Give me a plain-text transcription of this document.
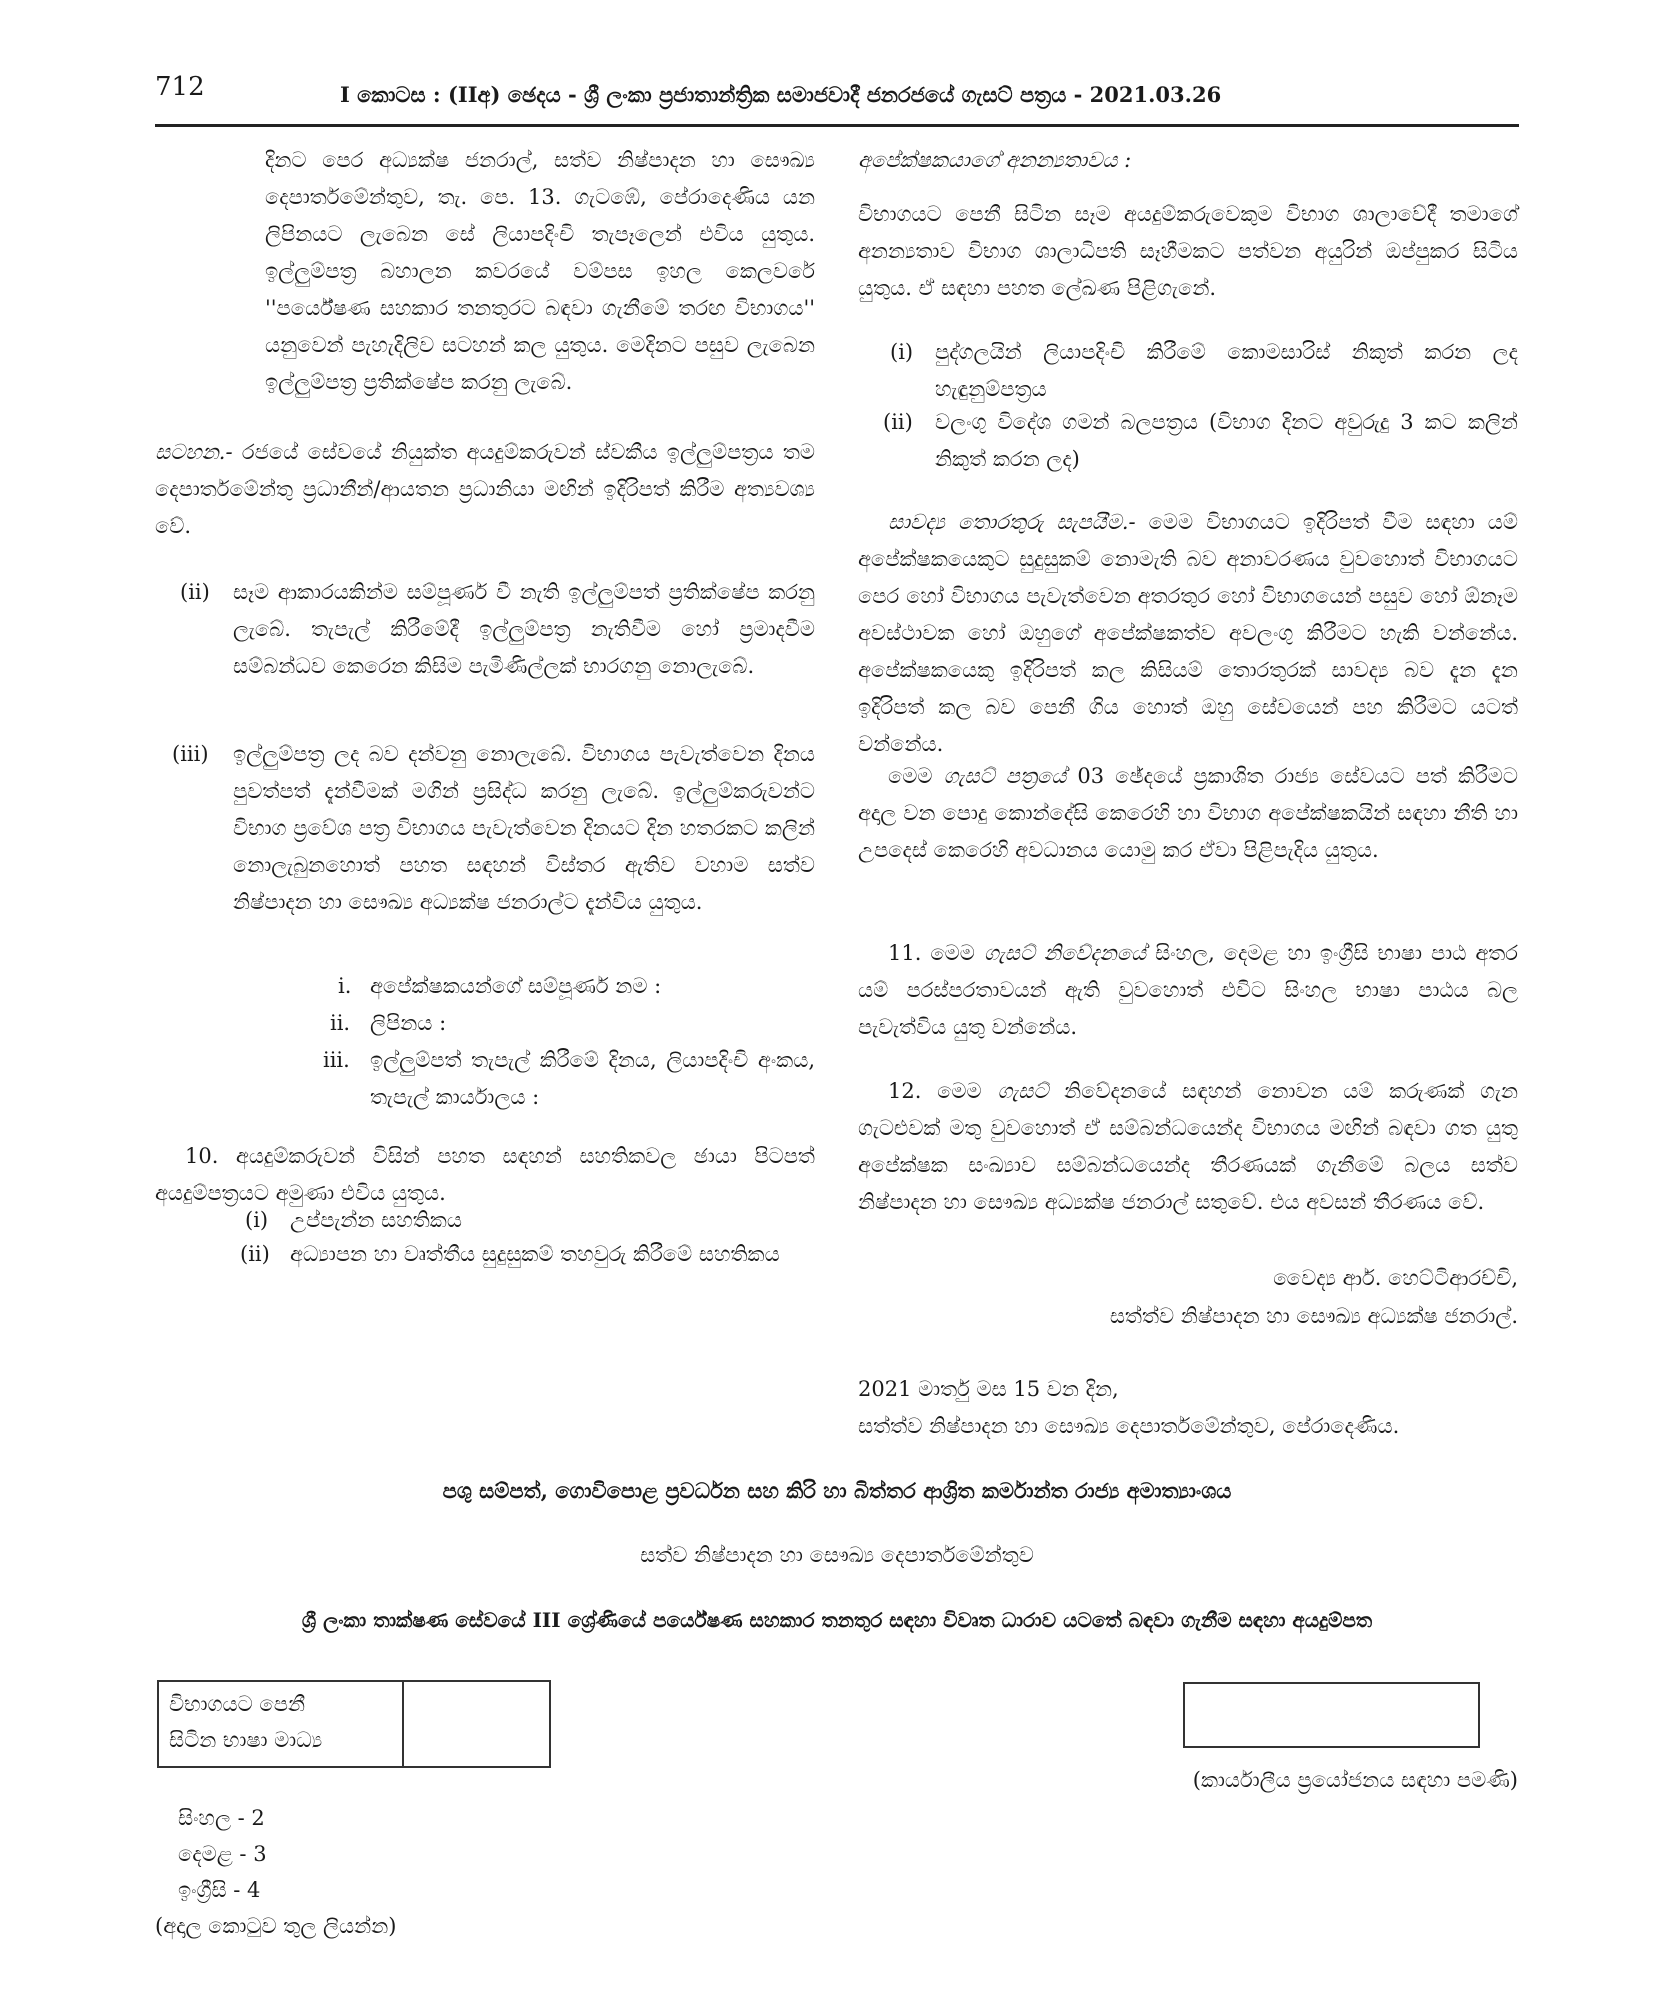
712	I කොටස : (IIඅ) ඡෙදය - ශ්‍රී ලංකා ප්‍රජාතාන්ත්‍රික සමාජවාදී ජනරජයේ ගැසට් පත්‍රය - 2021.03.26

දිනට පෙර අධ්‍යක්ෂ ජනරාල්, සත්ව නිෂ්පාදන හා සෞඛ්‍ය දෙපාර්තමේන්තුව, තැ. පෙ. 13. ගැටඹේ, පේරාදෙණිය යන ලිපිනයට ලැබෙන සේ ලියාපදිංචි තැපෑලෙන් එවිය යුතුය. ඉල්ලුම්පත්‍ර බහාලන කවරයේ වම්පස ඉහල කෙලවරේ ''පර්යේෂණ සහකාර තනතුරට බඳවා ගැනීමේ තරඟ විභාගය'' යනුවෙන් පැහැදිලිව සටහන් කල යුතුය. මෙදිනට පසුව ලැබෙන ඉල්ලුම්පත්‍ර ප්‍රතික්ෂේප කරනු ලැබේ.

සටහන.- රජයේ සේවයේ නියුක්ත අයදුම්කරුවන් ස්වකීය ඉල්ලුම්පත්‍රය තම දෙපාර්තමේන්තු ප්‍රධානීන්/ආයතන ප්‍රධානියා මඟින් ඉදිරිපත් කිරීම අත්‍යවශ්‍ය වේ.

(ii) සෑම ආකාරයකින්ම සම්පූර්ණ වී නැති ඉල්ලුම්පත් ප්‍රතික්ෂේප කරනු ලැබේ. තැපැල් කිරීමේදී ඉල්ලුම්පත්‍ර නැතිවීම හෝ ප්‍රමාදවීම සම්බන්ධව කෙරෙන කිසිම පැමිණිල්ලක් භාරගනු නොලැබේ.

(iii) ඉල්ලුම්පත්‍ර ලද බව දන්වනු නොලැබේ. විභාගය පැවැත්වෙන දිනය පුවත්පත් දැන්වීමක් මගින් ප්‍රසිද්ධ කරනු ලැබේ. ඉල්ලුම්කරුවන්ට විභාග ප්‍රවේශ පත්‍ර විභාගය පැවැත්වෙන දිනයට දින හතරකට කලින් නොලැබුනහොත් පහත සඳහන් විස්තර ඇතිව වහාම සත්ව නිෂ්පාදන හා සෞඛ්‍ය අධ්‍යක්ෂ ජනරාල්ට දැන්විය යුතුය.

i. අපේක්ෂකයන්ගේ සම්පූර්ණ නම :
ii. ලිපිනය :
iii. ඉල්ලුම්පත් තැපැල් කිරීමේ දිනය, ලියාපදිංචි අංකය, තැපැල් කාර්යාලය :

10. අයදුම්කරුවන් විසින් පහත සඳහන් සහතිකවල ඡායා පිටපත් අයදුම්පත්‍රයට අමුණා එවිය යුතුය.

(i) උප්පැන්න සහතිකය
(ii) අධ්‍යාපන හා වෘත්තීය සුදුසුකම් තහවුරු කිරීමේ සහතිකය
අපේක්ෂකයාගේ අනන්‍යතාවය :

විභාගයට පෙනී සිටින සෑම අයදුම්කරුවෙකුම විභාග ශාලාවේදී තමාගේ අනන්‍යතාව විභාග ශාලාධිපති සෑහීමකට පත්වන අයුරින් ඔප්පුකර සිටිය යුතුය. ඒ සඳහා පහත ලේඛණ පිළිගැනේ.

(i) පුද්ගලයින් ලියාපදිංචි කිරීමේ කොමසාරිස් නිකුත් කරන ලද හැඳුනුම්පත්‍රය
(ii) වලංගු විදේශ ගමන් බලපත්‍රය (විභාග දිනට අවුරුදු 3 කට කලින් නිකුත් කරන ලද)

සාවද්‍ය තොරතුරු සැපයීම.- මෙම විභාගයට ඉදිරිපත් වීම සඳහා යම් අපේක්ෂකයෙකුට සුදුසුකම් නොමැති බව අනාවරණය වුවහොත් විභාගයට පෙර හෝ විභාගය පැවැත්වෙන අතරතුර හෝ විභාගයෙන් පසුව හෝ ඕනෑම අවස්ථාවක හෝ ඔහුගේ අපේක්ෂකත්ව අවලංගු කිරීමට හැකි වන්නේය. අපේක්ෂකයෙකු ඉදිරිපත් කල කිසියම් තොරතුරක් සාවද්‍ය බව දැන දැන ඉදිරිපත් කල බව පෙනී ගිය හොත් ඔහු සේවයෙන් පහ කිරීමට යටත් වන්නේය.

මෙම ගැසට් පත්‍රයේ 03 ඡේදයේ ප්‍රකාශිත රාජ්‍ය සේවයට පත් කිරීමට අදාල වන පොදු කොන්දේසි කෙරෙහි හා විභාග අපේක්ෂකයින් සඳහා නීති හා උපදෙස් කෙරෙහි අවධානය යොමු කර ඒවා පිළිපැදිය යුතුය.

11. මෙම ගැසට් නිවේදනයේ සිංහල, දෙමළ හා ඉංග්‍රීසි භාෂා පාඨ අතර යම් පරස්පරතාවයන් ඇති වුවහොත් එවිට සිංහල භාෂා පාඨය බල පැවැත්විය යුතු වන්නේය.

12. මෙම ගැසට් නිවේදනයේ සඳහන් නොවන යම් කරුණක් ගැන ගැටළුවක් මතු වුවහොත් ඒ සම්බන්ධයෙන්ද විභාගය මඟින් බඳවා ගත යුතු අපේක්ෂක සංඛ්‍යාව සම්බන්ධයෙන්ද තීරණයක් ගැනීමේ බලය සත්ව නිෂ්පාදන හා සෞඛ්‍ය අධ්‍යක්ෂ ජනරාල් සතුවේ. එය අවසන් තීරණය වේ.

වෛද්‍ය ආර්. හෙට්ටිආරච්චි,
සත්ත්ව නිෂ්පාදන හා සෞඛ්‍ය අධ්‍යක්ෂ ජනරාල්.
2021 මාර්තු මස 15 වන දින,
සත්ත්ව නිෂ්පාදන හා සෞඛ්‍ය දෙපාර්තමේන්තුව, පේරාදෙණිය.
පශු සම්පත්, ගොවිපොළ ප්‍රවර්ධන සහ කිරි හා බිත්තර ආශ්‍රිත කර්මාන්ත රාජ්‍ය අමාත්‍යාංශය
සත්ව නිෂ්පාදන හා සෞඛ්‍ය දෙපාර්තමේන්තුව
ශ්‍රී ලංකා තාක්ෂණ සේවයේ III ශ්‍රේණියේ පර්යේෂණ සහකාර තනතුර සඳහා විවෘත ධාරාව යටතේ බඳවා ගැනීම සඳහා අයදුම්පත
විභාගයට පෙනී
සිටින භාෂා මාධ්‍ය
(කාර්යාලීය ප්‍රයෝජනය සඳහා පමණි)
සිංහල - 2
දෙමළ - 3
ඉංග්‍රීසි - 4
(අදාල කොටුව තුල ලියන්න)
